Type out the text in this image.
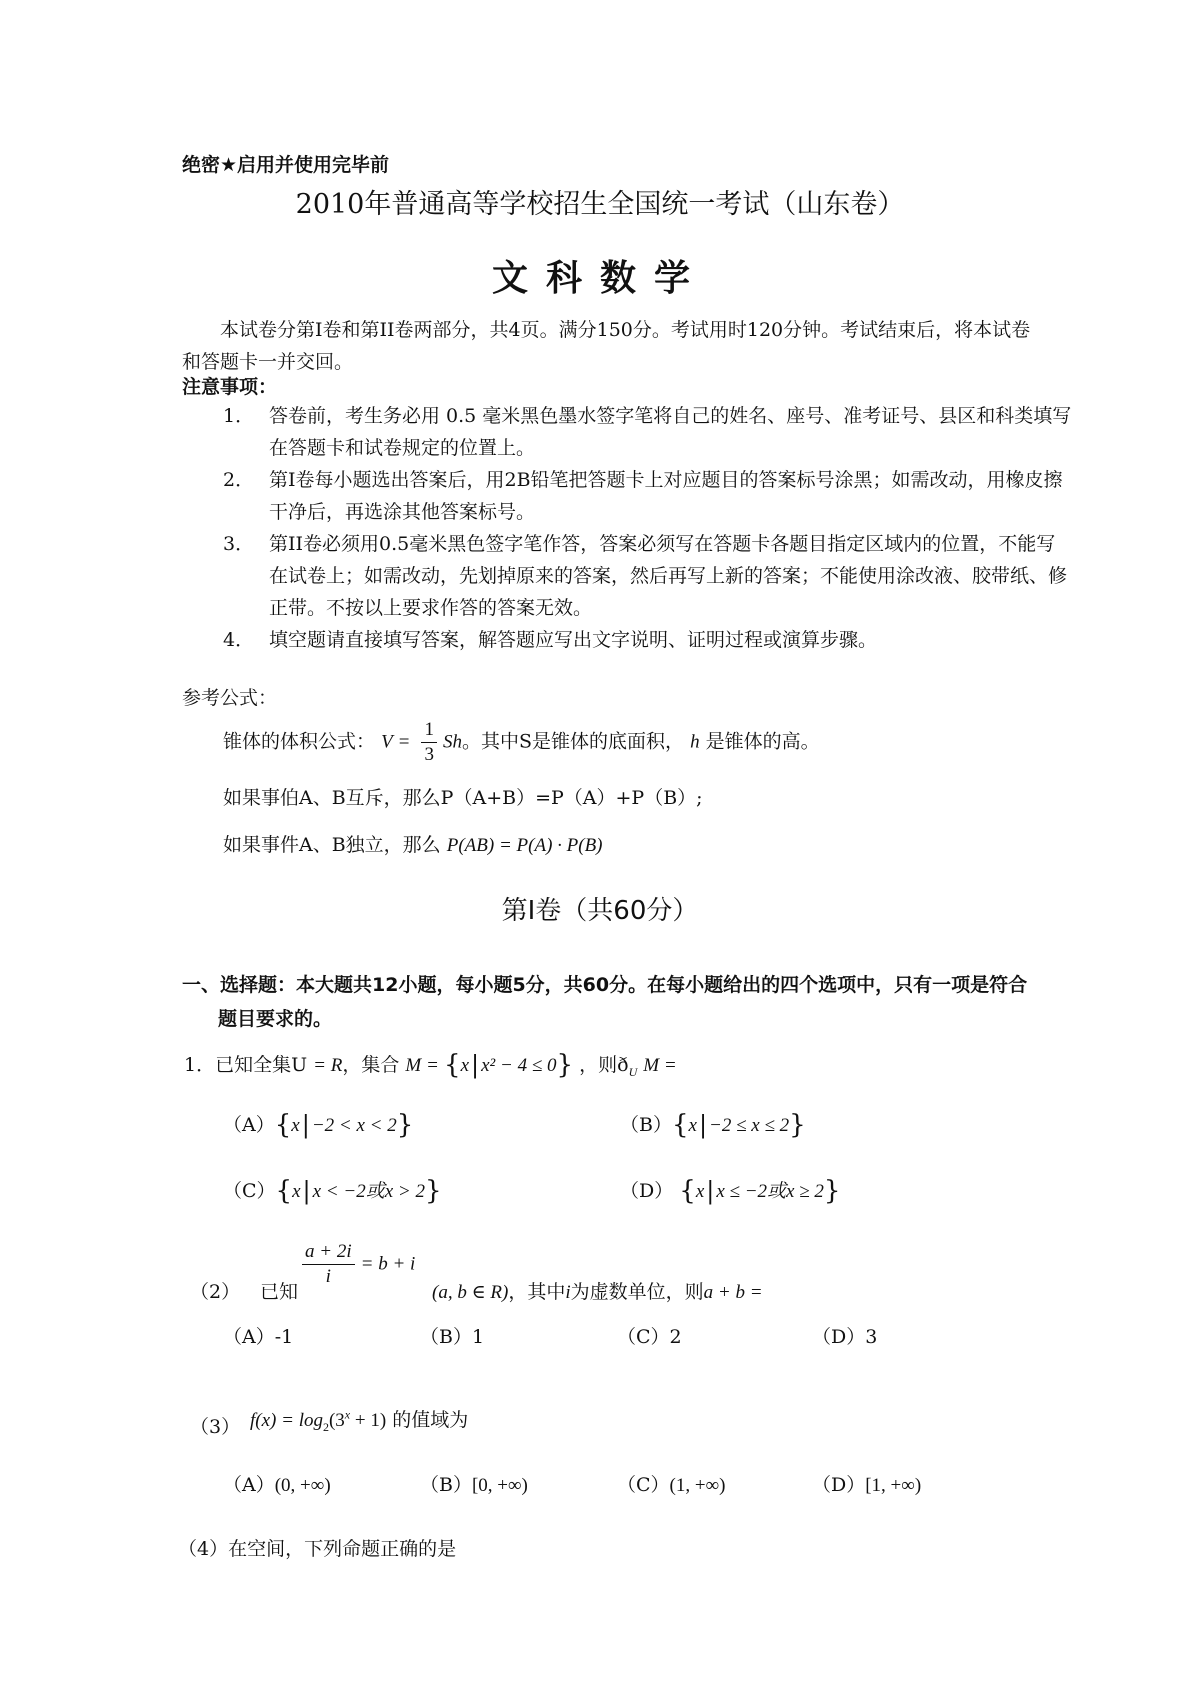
绝密★启用并使用完毕前
2010年普通高等学校招生全国统一考试（山东卷）
文科数学
本试卷分第I卷和第II卷两部分，共4页。满分150分。考试用时120分钟。考试结束后，将本试卷和答题卡一并交回。
注意事项：
1． 答卷前，考生务必用 0.5 毫米黑色墨水签字笔将自己的姓名、座号、准考证号、县区和科类填写在答题卡和试卷规定的位置上。
2． 第I卷每小题选出答案后，用2B铅笔把答题卡上对应题目的答案标号涂黑；如需改动，用橡皮擦干净后，再选涂其他答案标号。
3． 第II卷必须用0.5毫米黑色签字笔作答，答案必须写在答题卡各题目指定区域内的位置，不能写在试卷上；如需改动，先划掉原来的答案，然后再写上新的答案；不能使用涂改液、胶带纸、修正带。不按以上要求作答的答案无效。
4． 填空题请直接填写答案，解答题应写出文字说明、证明过程或演算步骤。
参考公式：
锥体的体积公式： $V = \frac{1}{3}$ Sh。其中S是锥体的底面积， h 是锥体的高。
如果事伯A、B互斥，那么P（A+B）=P（A）+P（B）;
如果事件A、B独立，那么 P(AB) = P(A) · P(B)
第Ⅰ卷（共60分）
一、选择题：本大题共12小题，每小题5分，共60分。在每小题给出的四个选项中，只有一项是符合题目要求的。
1．已知全集U = R，集合 M = {x| x² − 4 ≤ 0} ，则$ð_U$ M =
（A）{x| −2 < x < 2}	（B）{x| −2 ≤ x ≤ 2}
（C）{x| x < −2或x > 2}	（D） {x| x ≤ −2或x ≥ 2}
（2） 已知
$\frac{a + 2i}{i} = b + i$
(a, b ∈ R)，其中i为虚数单位，则a + b =
（A）-1	（B）1	（C）2	（D）3
（3） $f(x) = \log_2(3^x + 1)$ 的值域为
（A）(0, +∞)	（B）[0, +∞)	（C）(1, +∞)	（D）[1, +∞)
（4）在空间，下列命题正确的是
